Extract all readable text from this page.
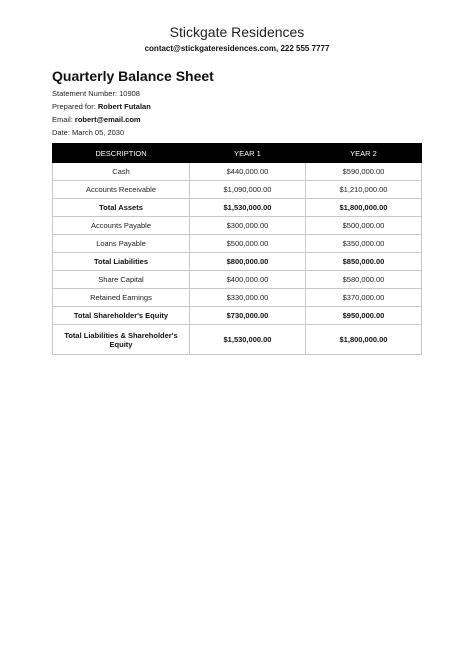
Stickgate Residences
contact@stickgateresidences.com, 222 555 7777
Quarterly Balance Sheet
Statement Number: 10908
Prepared for: Robert Futalan
Email: robert@email.com
Date: March 05, 2030
DESCRIPTION	YEAR 1	YEAR 2
Cash	$440,000.00	$590,000.00
Accounts Receivable	$1,090,000.00	$1,210,000.00
Total Assets	$1,530,000.00	$1,800,000.00
Accounts Payable	$300,000.00	$500,000.00
Loans Payable	$500,000.00	$350,000.00
Total Liabilities	$800,000.00	$850,000.00
Share Capital	$400,000.00	$580,000.00
Retained Earnings	$330,000.00	$370,000.00
Total Shareholder's Equity	$730,000.00	$950,000.00
Total Liabilities & Shareholder's Equity	$1,530,000.00	$1,800,000.00
